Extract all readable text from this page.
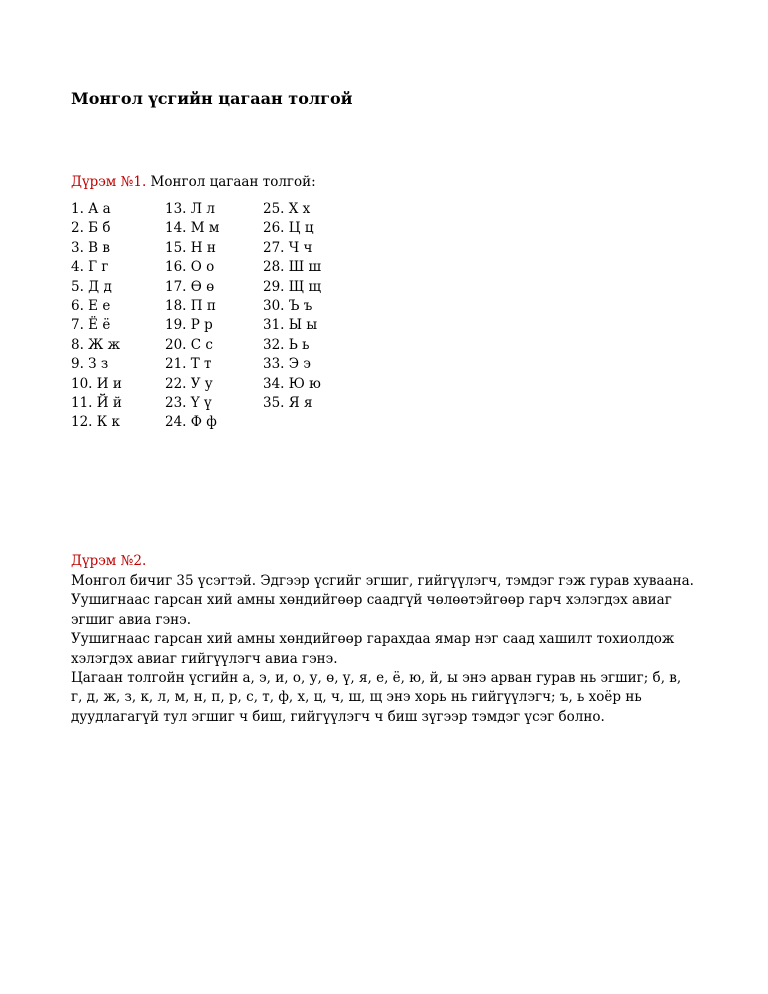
Монгол үсгийн цагаан толгой
Дүрэм №1. Монгол цагаан толгой:
1. А а
2. Б б
3. В в
4. Г г
5. Д д
6. Е е
7. Ё ё
8. Ж ж
9. З з
10. И и
11. Й й
12. К к
13. Л л
14. М м
15. Н н
16. О о
17. Ө ө
18. П п
19. Р р
20. С с
21. Т т
22. У у
23. Ү ү
24. Ф ф
25. Х х
26. Ц ц
27. Ч ч
28. Ш ш
29. Щ щ
30. Ъ ъ
31. Ы ы
32. Ь ь
33. Э э
34. Ю ю
35. Я я
Дүрэм №2.
Монгол бичиг 35 үсэгтэй. Эдгээр үсгийг эгшиг, гийгүүлэгч, тэмдэг гэж гурав хуваана.
Уушигнаас гарсан хий амны хөндийгөөр саадгүй чөлөөтэйгөөр гарч хэлэгдэх авиаг
эгшиг авиа гэнэ.
Уушигнаас гарсан хий амны хөндийгөөр гарахдаа ямар нэг саад хашилт тохиолдож
хэлэгдэх авиаг гийгүүлэгч авиа гэнэ.
Цагаан толгойн үсгийн а, э, и, о, у, ө, ү, я, е, ё, ю, й, ы энэ арван гурав нь эгшиг; б, в,
г, д, ж, з, к, л, м, н, п, р, с, т, ф, х, ц, ч, ш, щ энэ хорь нь гийгүүлэгч; ъ, ь хоёр нь
дуудлагагүй тул эгшиг ч биш, гийгүүлэгч ч биш зүгээр тэмдэг үсэг болно.
